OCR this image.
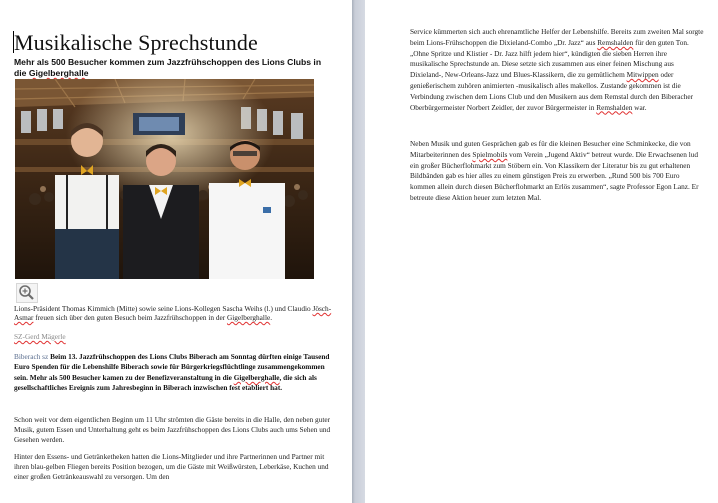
Musikalische Sprechstunde

Mehr als 500 Besucher kommen zum Jazzfrühschoppen des Lions Clubs in die Gigelberghalle

Lions-Präsident Thomas Kimmich (Mitte) sowie seine Lions-Kollegen Sascha Weihs (l.) und Claudio Jösch-Asmar freuen sich über den guten Besuch beim Jazzfrühschoppen in der Gigelberghalle.

SZ-Gerd Mägerle

Biberach sz Beim 13. Jazzfrühschoppen des Lions Clubs Biberach am Sonntag dürften einige Tausend Euro Spenden für die Lebenshilfe Biberach sowie für Bürgerkriegsflüchtlinge zusammengekommen sein. Mehr als 500 Besucher kamen zu der Benefizveranstaltung in die Gigelberghalle, die sich als gesellschaftliches Ereignis zum Jahresbeginn in Biberach inzwischen fest etabliert hat.

Schon weit vor dem eigentlichen Beginn um 11 Uhr strömten die Gäste bereits in die Halle, den neben guter Musik, gutem Essen und Unterhaltung geht es beim Jazzfrühschoppen des Lions Clubs auch ums Sehen und Gesehen werden.

Hinter den Essens- und Getränketheken hatten die Lions-Mitglieder und ihre Partnerinnen und Partner mit ihren blau-gelben Fliegen bereits Position bezogen, um die Gäste mit Weißwürsten, Leberkäse, Kuchen und einer großen Getränkeauswahl zu versorgen. Um den

Service kümmerten sich auch ehrenamtliche Helfer der Lebenshilfe. Bereits zum zweiten Mal sorgte beim Lions-Frühschoppen die Dixieland-Combo „Dr. Jazz“ aus Remshalden für den guten Ton. „Ohne Spritze und Klistier - Dr. Jazz hilft jedem hier“, kündigten die sieben Herren ihre musikalische Sprechstunde an. Diese setzte sich zusammen aus einer feinen Mischung aus Dixieland-, New-Orleans-Jazz und Blues-Klassikern, die zu gemütlichem Mitwippen oder genießerischem zuhören animierten -musikalisch alles makellos. Zustande gekommen ist die Verbindung zwischen dem Lions Club und den Musikern aus dem Remstal durch den Biberacher Oberbürgermeister Norbert Zeidler, der zuvor Bürgermeister in Remshalden war.

Neben Musik und guten Gesprächen gab es für die kleinen Besucher eine Schminkecke, die von Mitarbeiterinnen des Spielmobils vom Verein „Jugend Aktiv“ betreut wurde. Die Erwachsenen lud ein großer Bücherflohmarkt zum Stöbern ein. Von Klassikern der Literatur bis zu gut erhaltenen Bildbänden gab es hier alles zu einem günstigen Preis zu erwerben. „Rund 500 bis 700 Euro kommen allein durch diesen Bücherflohmarkt an Erlös zusammen“, sagte Professor Egon Lanz. Er betreute diese Aktion heuer zum letzten Mal.
